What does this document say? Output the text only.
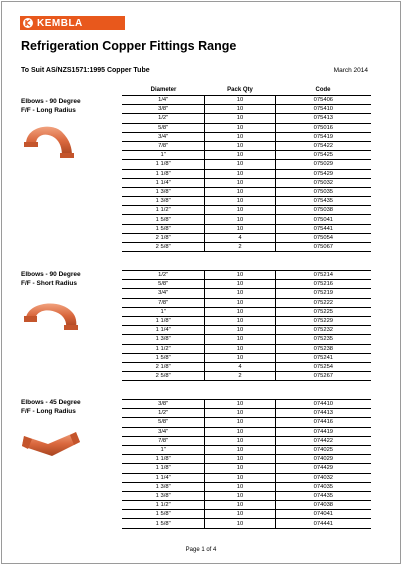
KEMBLA
Refrigeration Copper Fittings Range
To Suit AS/NZS1571:1995 Copper Tube	March 2014
Diameter	Pack Qty	Code
Elbows - 90 Degree
F/F - Long Radius
1/4"	10	075406
3/8"	10	075410
1/2"	10	075413
5/8"	10	075016
3/4"	10	075419
7/8"	10	075422
1"	10	075425
1 1/8"	10	075029
1 1/8"	10	075429
1 1/4"	10	075032
1 3/8"	10	075035
1 3/8"	10	075435
1 1/2"	10	075038
1 5/8"	10	075041
1 5/8"	10	075441
2 1/8"	4	075054
2 5/8"	2	075067
Elbows - 90 Degree
F/F - Short Radius
1/2"	10	075214
5/8"	10	075216
3/4"	10	075219
7/8"	10	075222
1"	10	075225
1 1/8"	10	075229
1 1/4"	10	075232
1 3/8"	10	075235
1 1/2"	10	075238
1 5/8"	10	075241
2 1/8"	4	075254
2 5/8"	2	075267
Elbows - 45 Degree
F/F - Long Radius
3/8"	10	074410
1/2"	10	074413
5/8"	10	074416
3/4"	10	074419
7/8"	10	074422
1"	10	074025
1 1/8"	10	074029
1 1/8"	10	074429
1 1/4"	10	074032
1 3/8"	10	074035
1 3/8"	10	074435
1 1/2"	10	074038
1 5/8"	10	074041
1 5/8"	10	074441
Page 1 of 4
